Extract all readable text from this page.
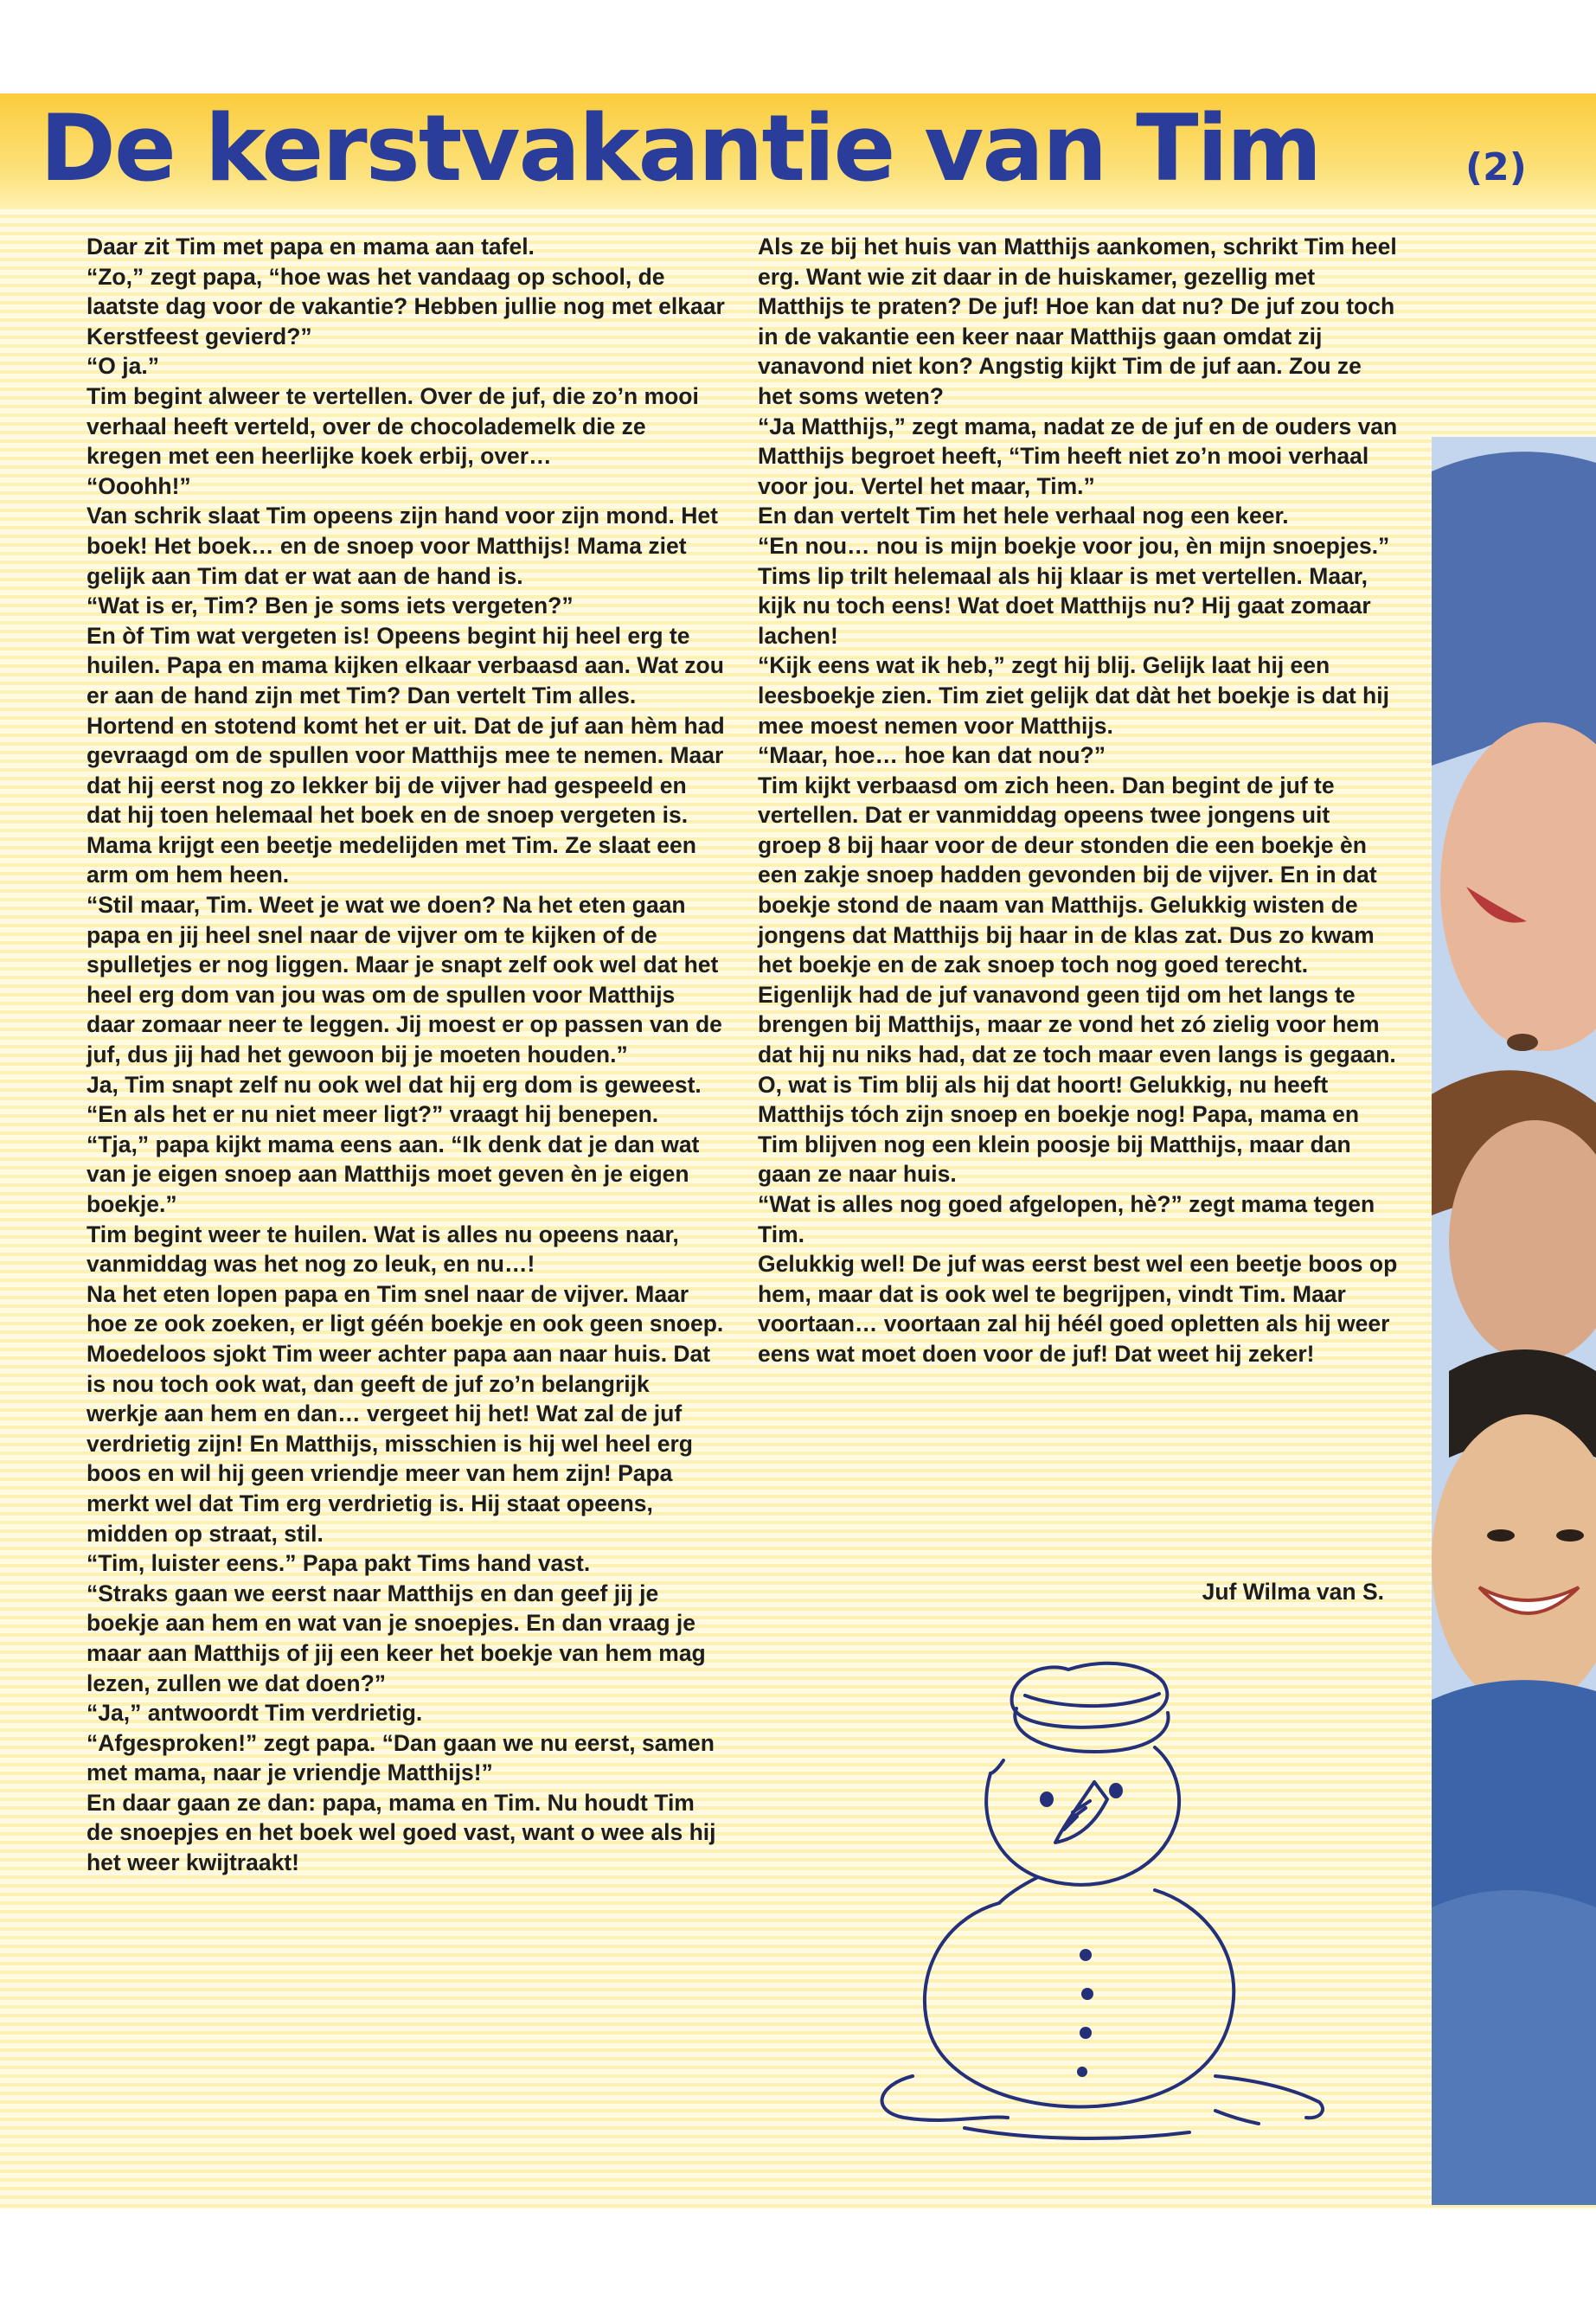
De kerstvakantie van Tim	(2)
Daar zit Tim met papa en mama aan tafel.
“Zo,” zegt papa, “hoe was het vandaag op school, de laatste dag voor de vakantie? Hebben jullie nog met elkaar Kerstfeest gevierd?”
“O ja.”
Tim begint alweer te vertellen. Over de juf, die zo’n mooi verhaal heeft verteld, over de chocolademelk die ze kregen met een heerlijke koek erbij, over…
“Ooohh!”
Van schrik slaat Tim opeens zijn hand voor zijn mond. Het boek! Het boek… en de snoep voor Matthijs! Mama ziet gelijk aan Tim dat er wat aan de hand is.
“Wat is er, Tim? Ben je soms iets vergeten?”
En òf Tim wat vergeten is! Opeens begint hij heel erg te huilen. Papa en mama kijken elkaar verbaasd aan. Wat zou er aan de hand zijn met Tim? Dan vertelt Tim alles. Hortend en stotend komt het er uit. Dat de juf aan hèm had gevraagd om de spullen voor Matthijs mee te nemen. Maar dat hij eerst nog zo lekker bij de vijver had gespeeld en dat hij toen helemaal het boek en de snoep vergeten is. Mama krijgt een beetje medelijden met Tim. Ze slaat een arm om hem heen.
“Stil maar, Tim. Weet je wat we doen? Na het eten gaan papa en jij heel snel naar de vijver om te kijken of de spulletjes er nog liggen. Maar je snapt zelf ook wel dat het heel erg dom van jou was om de spullen voor Matthijs daar zomaar neer te leggen. Jij moest er op passen van de juf, dus jij had het gewoon bij je moeten houden.”
Ja, Tim snapt zelf nu ook wel dat hij erg dom is geweest.
“En als het er nu niet meer ligt?” vraagt hij benepen.
“Tja,” papa kijkt mama eens aan. “Ik denk dat je dan wat van je eigen snoep aan Matthijs moet geven èn je eigen boekje.”
Tim begint weer te huilen. Wat is alles nu opeens naar, vanmiddag was het nog zo leuk, en nu…!
Na het eten lopen papa en Tim snel naar de vijver. Maar hoe ze ook zoeken, er ligt géén boekje en ook geen snoep. Moedeloos sjokt Tim weer achter papa aan naar huis. Dat is nou toch ook wat, dan geeft de juf zo’n belangrijk werkje aan hem en dan… vergeet hij het! Wat zal de juf verdrietig zijn! En Matthijs, misschien is hij wel heel erg boos en wil hij geen vriendje meer van hem zijn! Papa merkt wel dat Tim erg verdrietig is. Hij staat opeens, midden op straat, stil.
“Tim, luister eens.” Papa pakt Tims hand vast.
“Straks gaan we eerst naar Matthijs en dan geef jij je boekje aan hem en wat van je snoepjes. En dan vraag je maar aan Matthijs of jij een keer het boekje van hem mag lezen, zullen we dat doen?”
“Ja,” antwoordt Tim verdrietig.
“Afgesproken!” zegt papa. “Dan gaan we nu eerst, samen met mama, naar je vriendje Matthijs!”
En daar gaan ze dan: papa, mama en Tim. Nu houdt Tim de snoepjes en het boek wel goed vast, want o wee als hij het weer kwijtraakt!
Als ze bij het huis van Matthijs aankomen, schrikt Tim heel erg. Want wie zit daar in de huiskamer, gezellig met Matthijs te praten? De juf! Hoe kan dat nu? De juf zou toch in de vakantie een keer naar Matthijs gaan omdat zij vanavond niet kon? Angstig kijkt Tim de juf aan. Zou ze het soms weten?
“Ja Matthijs,” zegt mama, nadat ze de juf en de ouders van Matthijs begroet heeft, “Tim heeft niet zo’n mooi verhaal voor jou. Vertel het maar, Tim.”
En dan vertelt Tim het hele verhaal nog een keer.
“En nou… nou is mijn boekje voor jou, èn mijn snoepjes.”
Tims lip trilt helemaal als hij klaar is met vertellen. Maar, kijk nu toch eens! Wat doet Matthijs nu? Hij gaat zomaar lachen!
“Kijk eens wat ik heb,” zegt hij blij. Gelijk laat hij een leesboekje zien. Tim ziet gelijk dat dàt het boekje is dat hij mee moest nemen voor Matthijs.
“Maar, hoe… hoe kan dat nou?”
Tim kijkt verbaasd om zich heen. Dan begint de juf te vertellen. Dat er vanmiddag opeens twee jongens uit groep 8 bij haar voor de deur stonden die een boekje èn een zakje snoep hadden gevonden bij de vijver. En in dat boekje stond de naam van Matthijs. Gelukkig wisten de jongens dat Matthijs bij haar in de klas zat. Dus zo kwam het boekje en de zak snoep toch nog goed terecht. Eigenlijk had de juf vanavond geen tijd om het langs te brengen bij Matthijs, maar ze vond het zó zielig voor hem dat hij nu niks had, dat ze toch maar even langs is gegaan. O, wat is Tim blij als hij dat hoort! Gelukkig, nu heeft Matthijs tóch zijn snoep en boekje nog! Papa, mama en Tim blijven nog een klein poosje bij Matthijs, maar dan gaan ze naar huis.
“Wat is alles nog goed afgelopen, hè?” zegt mama tegen Tim.
Gelukkig wel! De juf was eerst best wel een beetje boos op hem, maar dat is ook wel te begrijpen, vindt Tim. Maar voortaan… voortaan zal hij héél goed opletten als hij weer eens wat moet doen voor de juf! Dat weet hij zeker!
Juf Wilma van S.
